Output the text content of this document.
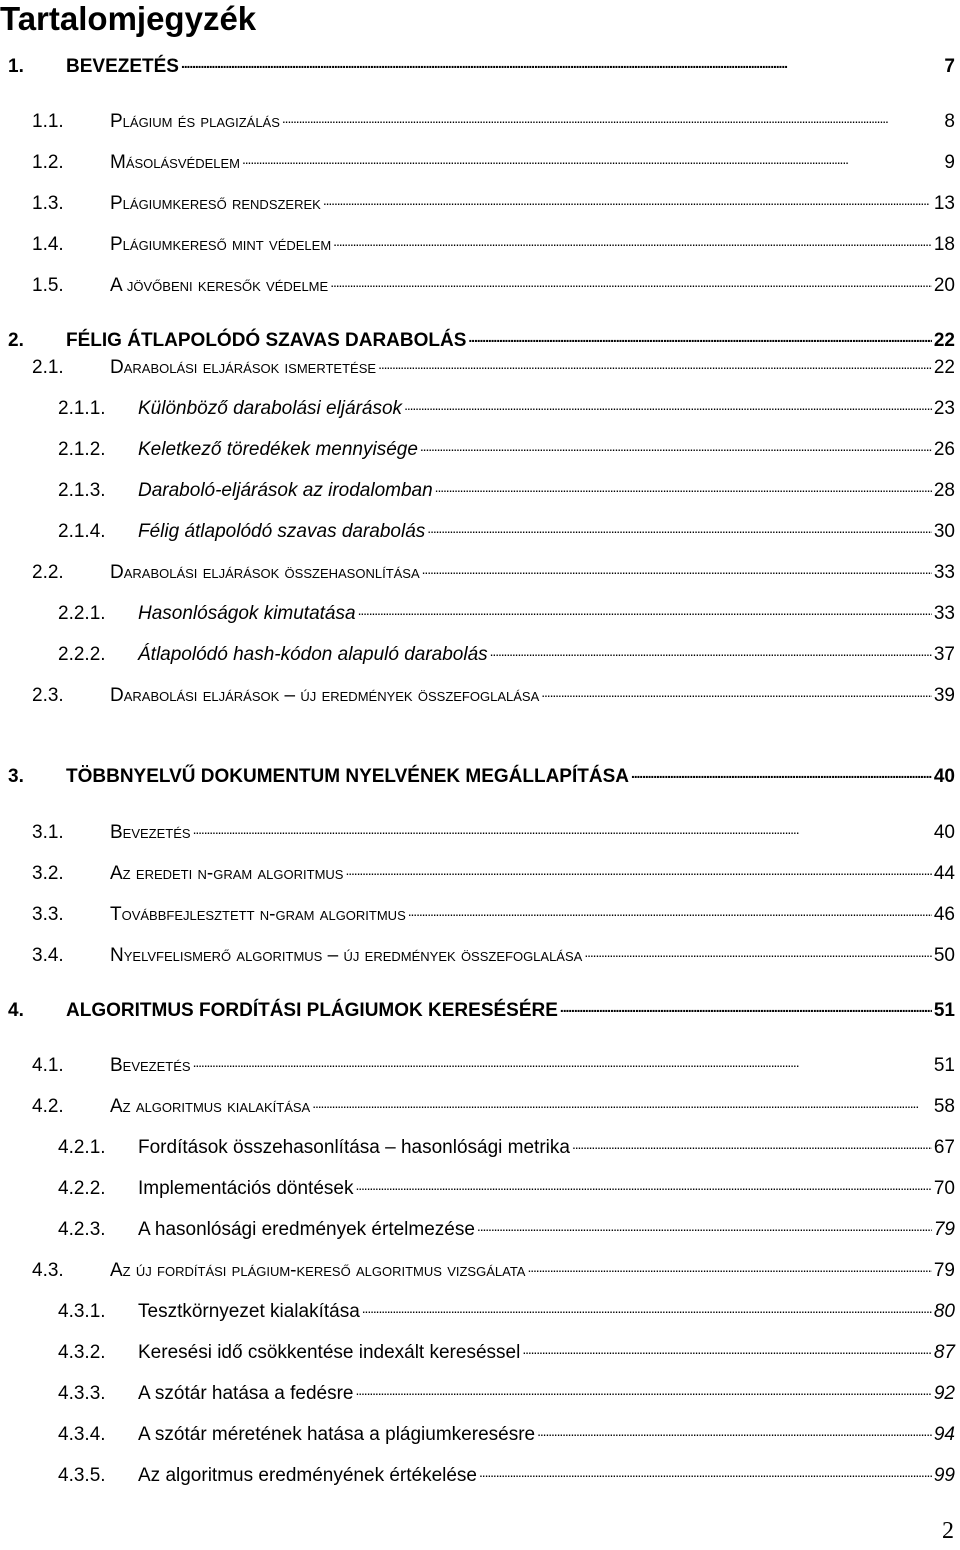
Tartalomjegyzék
1.	BEVEZETÉS . . .	7
1.1.	Plágium és plagizálás . . .	8
1.2.	Másolásvédelem . . .	9
1.3.	Plágiumkereső rendszerek . . .	13
1.4.	Plágiumkereső mint védelem . . .	18
1.5.	A jövőbeni keresők védelme . . .	20
2.	FÉLIG ÁTLAPOLÓDÓ SZAVAS DARABOLÁS . . .	22
2.1.	Darabolási eljárások ismertetése . . .	22
2.1.1.	Különböző darabolási eljárások . . .	23
2.1.2.	Keletkező töredékek mennyisége . . .	26
2.1.3.	Daraboló-eljárások az irodalomban . . .	28
2.1.4.	Félig átlapolódó szavas darabolás . . .	30
2.2.	Darabolási eljárások összehasonlítása . . .	33
2.2.1.	Hasonlóságok kimutatása . . .	33
2.2.2.	Átlapolódó hash-kódon alapuló darabolás . . .	37
2.3.	Darabolási eljárások – új eredmények összefoglalása . . .	39
3.	TÖBBNYELVŰ DOKUMENTUM NYELVÉNEK MEGÁLLAPÍTÁSA . . .	40
3.1.	Bevezetés . . .	40
3.2.	Az eredeti n-gram algoritmus . . .	44
3.3.	Továbbfejlesztett n-gram algoritmus . . .	46
3.4.	Nyelvfelismerő algoritmus – új eredmények összefoglalása . . .	50
4.	ALGORITMUS FORDÍTÁSI PLÁGIUMOK KERESÉSÉRE . . .	51
4.1.	Bevezetés . . .	51
4.2.	Az algoritmus kialakítása . . .	58
4.2.1.	Fordítások összehasonlítása – hasonlósági metrika . . .	67
4.2.2.	Implementációs döntések . . .	70
4.2.3.	A hasonlósági eredmények értelmezése . . .	79
4.3.	Az új fordítási plágium-kereső algoritmus vizsgálata . . .	79
4.3.1.	Tesztkörnyezet kialakítása . . .	80
4.3.2.	Keresési idő csökkentése indexált kereséssel . . .	87
4.3.3.	A szótár hatása a fedésre . . .	92
4.3.4.	A szótár méretének hatása a plágiumkeresésre . . .	94
4.3.5.	Az algoritmus eredményének értékelése . . .	99
2
